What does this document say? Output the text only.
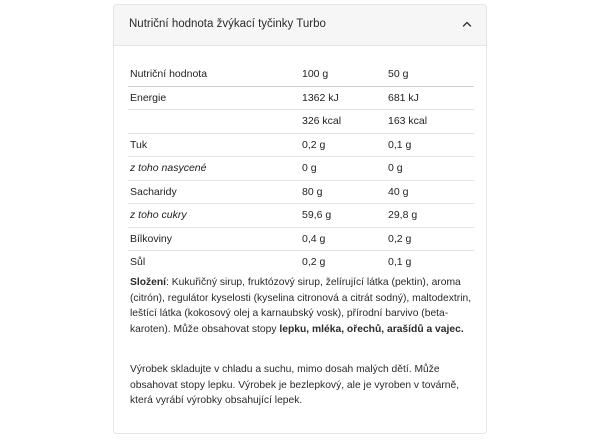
Nutriční hodnota žvýkací tyčinky Turbo
Nutriční hodnota	100 g	50 g
Energie	1362 kJ	681 kJ
	326 kcal	163 kcal
Tuk	0,2 g	0,1 g
z toho nasycené	0 g	0 g
Sacharidy	80 g	40 g
z toho cukry	59,6 g	29,8 g
Bílkoviny	0,4 g	0,2 g
Sůl	0,2 g	0,1 g
Složení: Kukuřičný sirup, fruktózový sirup, želírující látka (pektin), aroma (citrón), regulátor kyselosti (kyselina citronová a citrát sodný), maltodextrin, leštící látka (kokosový olej a karnaubský vosk), přírodní barvivo (beta-karoten). Může obsahovat stopy lepku, mléka, ořechů, arašídů a vajec.
Výrobek skladujte v chladu a suchu, mimo dosah malých dětí. Může obsahovat stopy lepku. Výrobek je bezlepkový, ale je vyroben v továrně, která vyrábí výrobky obsahující lepek.
